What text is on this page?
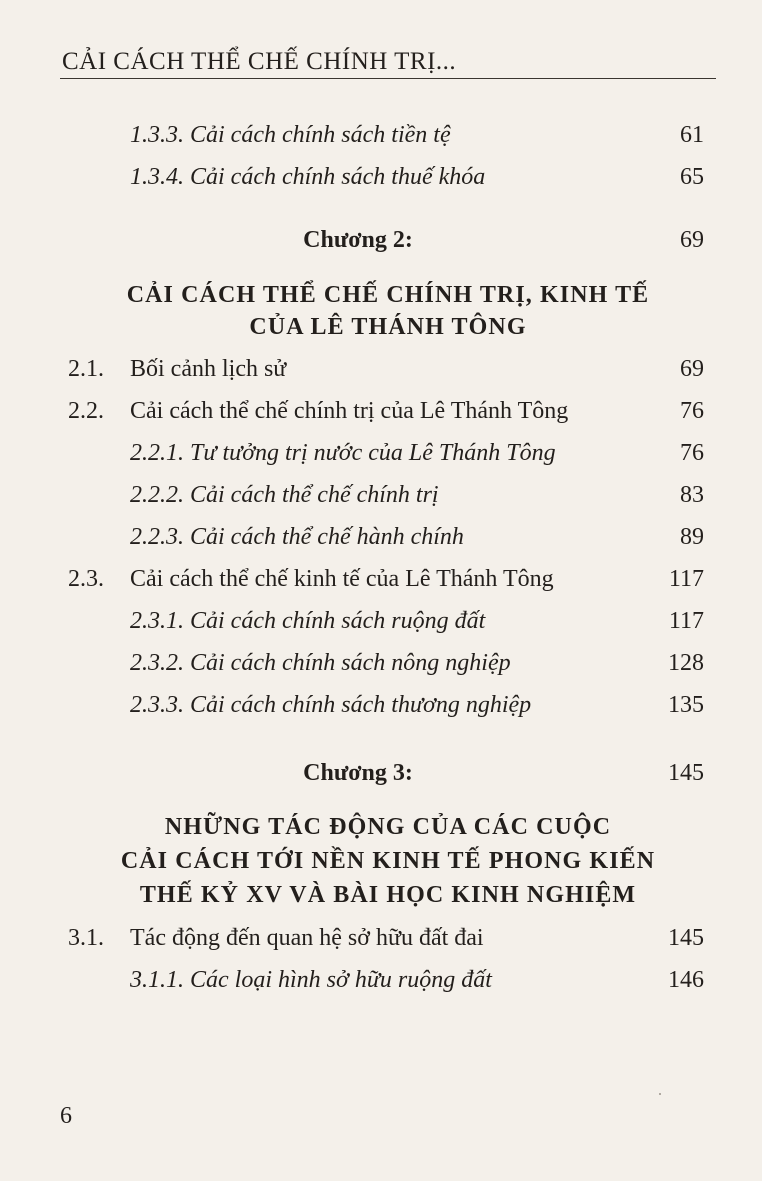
CẢI CÁCH THỂ CHẾ CHÍNH TRỊ...
1.3.3. Cải cách chính sách tiền tệ	61
1.3.4. Cải cách chính sách thuế khóa	65
Chương 2:	69
CẢI CÁCH THỂ CHẾ CHÍNH TRỊ, KINH TẾ
CỦA LÊ THÁNH TÔNG
2.1. Bối cảnh lịch sử	69
2.2. Cải cách thể chế chính trị của Lê Thánh Tông	76
2.2.1. Tư tưởng trị nước của Lê Thánh Tông	76
2.2.2. Cải cách thể chế chính trị	83
2.2.3. Cải cách thể chế hành chính	89
2.3. Cải cách thể chế kinh tế của Lê Thánh Tông	117
2.3.1. Cải cách chính sách ruộng đất	117
2.3.2. Cải cách chính sách nông nghiệp	128
2.3.3. Cải cách chính sách thương nghiệp	135
Chương 3:	145
NHỮNG TÁC ĐỘNG CỦA CÁC CUỘC
CẢI CÁCH TỚI NỀN KINH TẾ PHONG KIẾN
THẾ KỶ XV VÀ BÀI HỌC KINH NGHIỆM
3.1. Tác động đến quan hệ sở hữu đất đai	145
3.1.1. Các loại hình sở hữu ruộng đất	146
6
